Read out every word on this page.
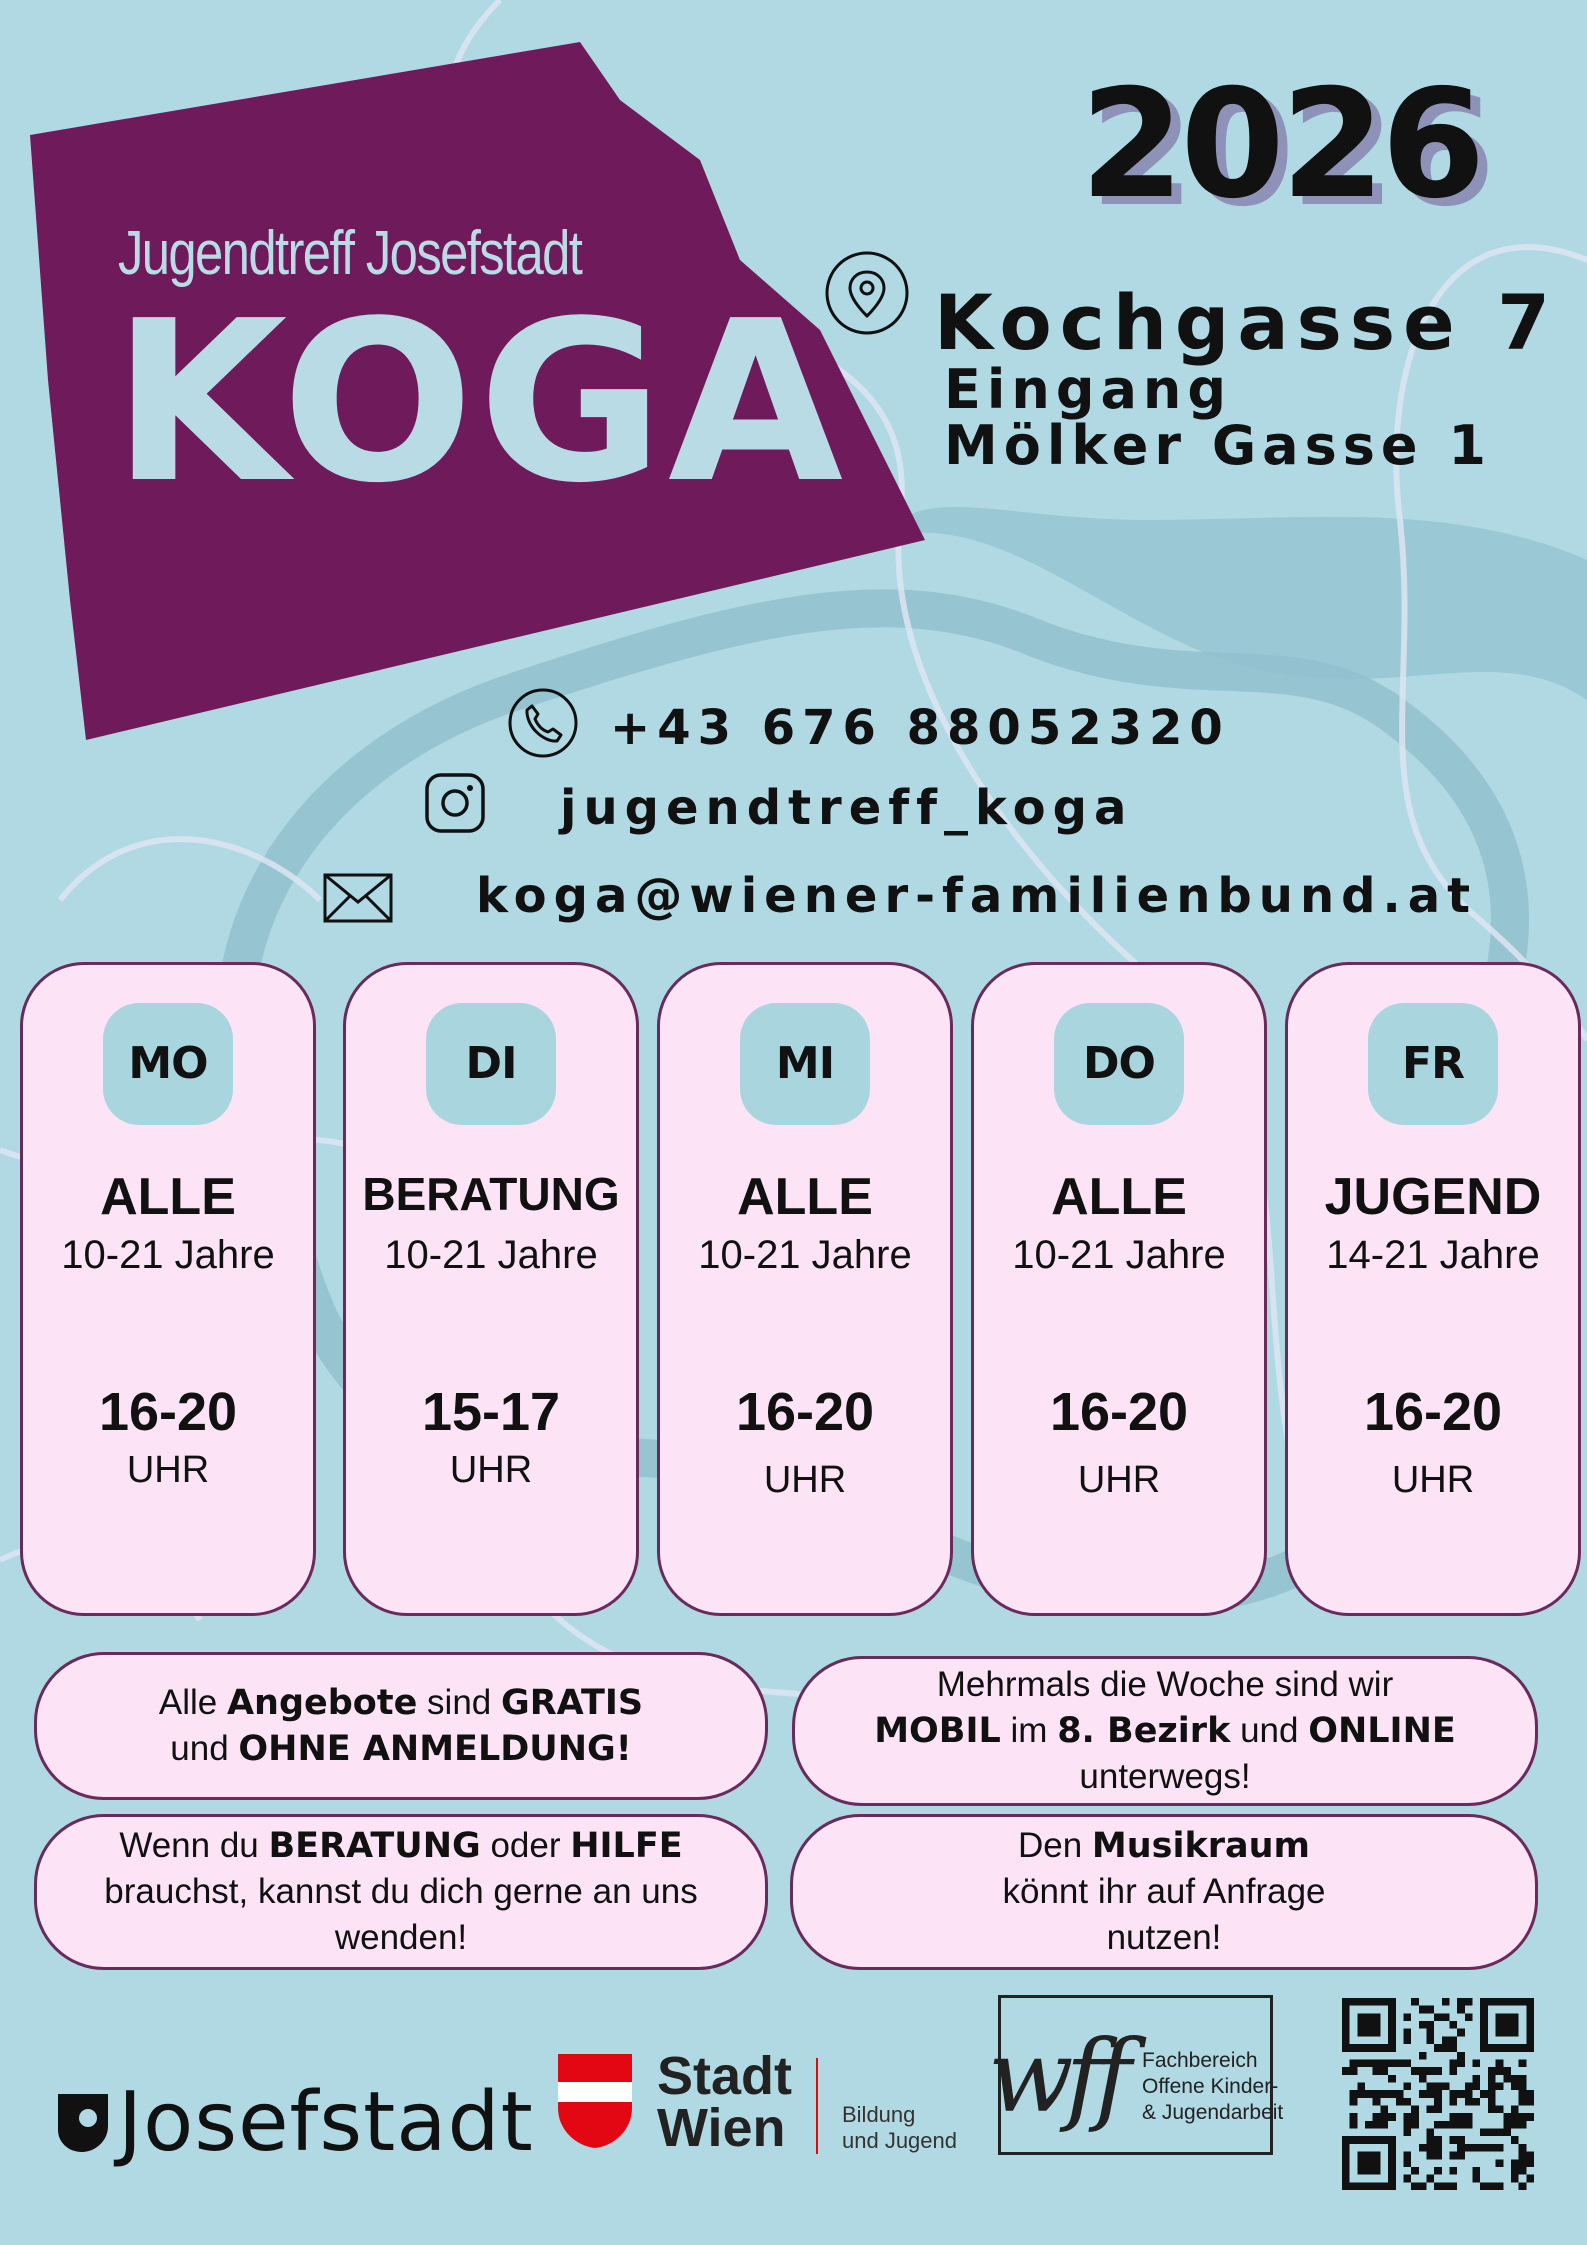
2026
Jugendtreff Josefstadt
KOGA Kochgasse 7
Eingang
Mölker Gasse 1
+43 676 88052320
jugendtreff_koga
koga@wiener-familienbund.at
MO
ALLE
10-21 Jahre
16-20
UHR
DI
BERATUNG
10-21 Jahre
15-17
UHR
MI
ALLE
10-21 Jahre
16-20
UHR
DO
ALLE
10-21 Jahre
16-20
UHR
FR
JUGEND
14-21 Jahre
16-20
UHR
Alle Angebote sind GRATIS
und OHNE ANMELDUNG!
Mehrmals die Woche sind wir
MOBIL im 8. Bezirk und ONLINE
unterwegs!
Wenn du BERATUNG oder HILFE
brauchst, kannst du dich gerne an uns
wenden!
Den Musikraum
könnt ihr auf Anfrage
nutzen!
Josefstadt Stadt
Wien	Bildung
und Jugend
wff Fachbereich
Offene Kinder-
& Jugendarbeit
